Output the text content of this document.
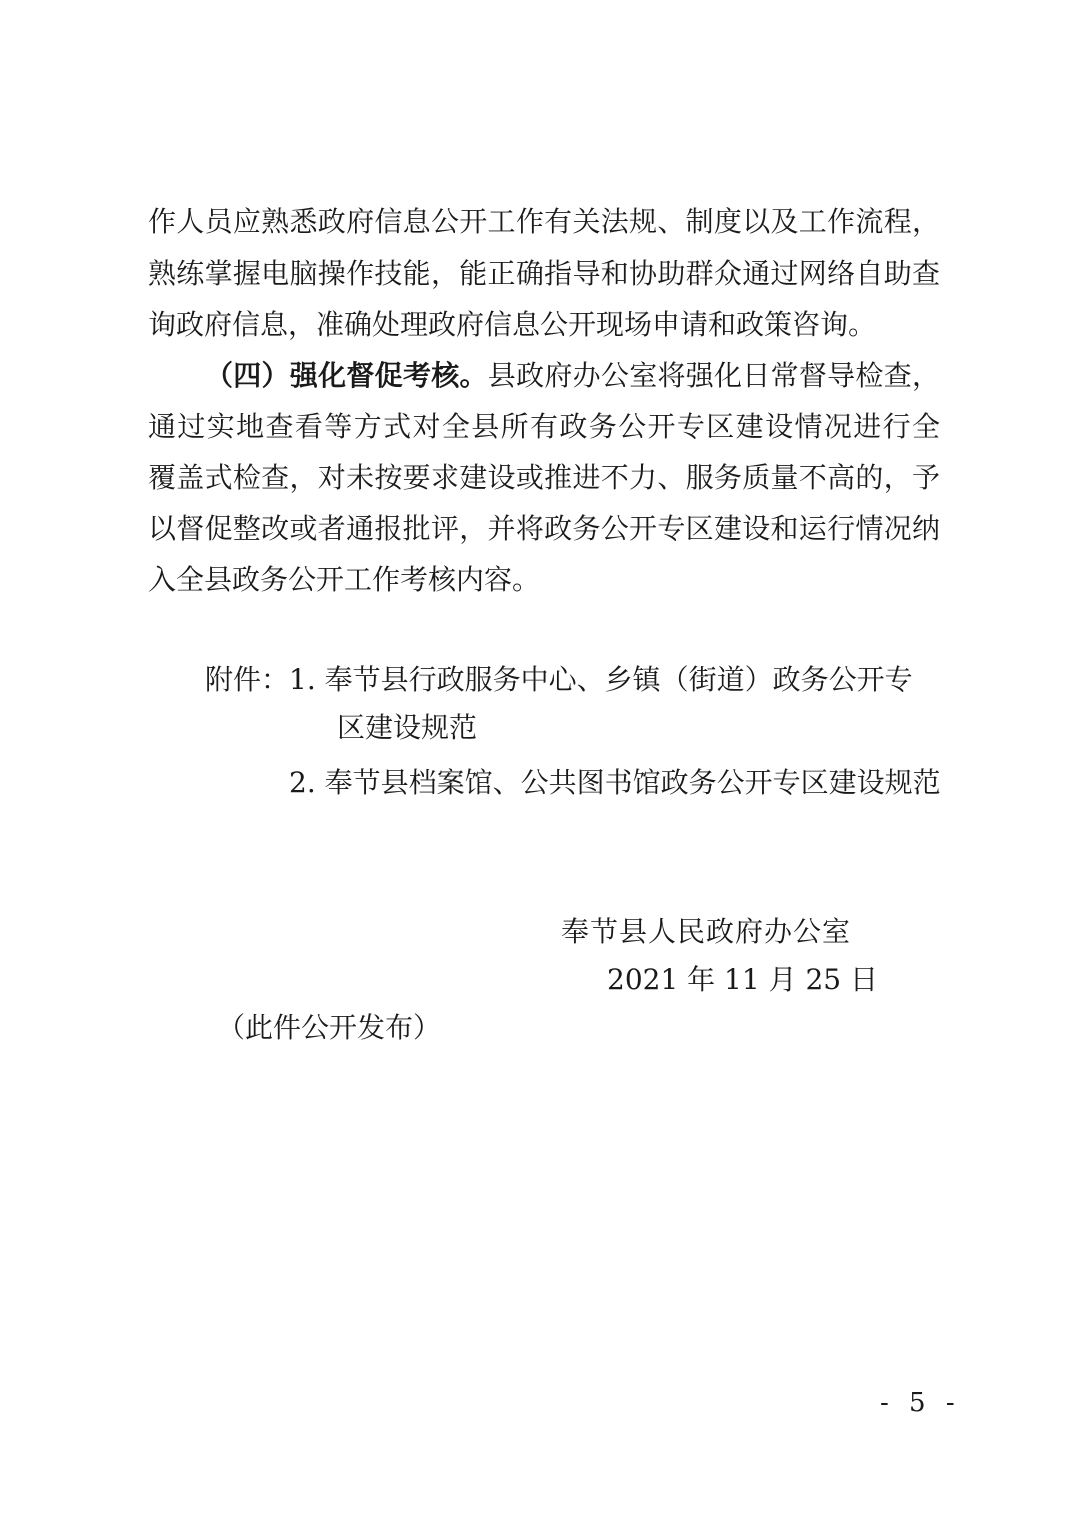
作人员应熟悉政府信息公开工作有关法规、制度以及工作流程，
熟练掌握电脑操作技能，能正确指导和协助群众通过网络自助查
询政府信息，准确处理政府信息公开现场申请和政策咨询。
（四）强化督促考核。县政府办公室将强化日常督导检查，
通过实地查看等方式对全县所有政务公开专区建设情况进行全
覆盖式检查，对未按要求建设或推进不力、服务质量不高的，予
以督促整改或者通报批评，并将政务公开专区建设和运行情况纳
入全县政务公开工作考核内容。
附件：1. 奉节县行政服务中心、乡镇（街道）政务公开专
区建设规范
2. 奉节县档案馆、公共图书馆政务公开专区建设规范
奉节县人民政府办公室
2021 年 11 月 25 日
（此件公开发布）
- 5 -
